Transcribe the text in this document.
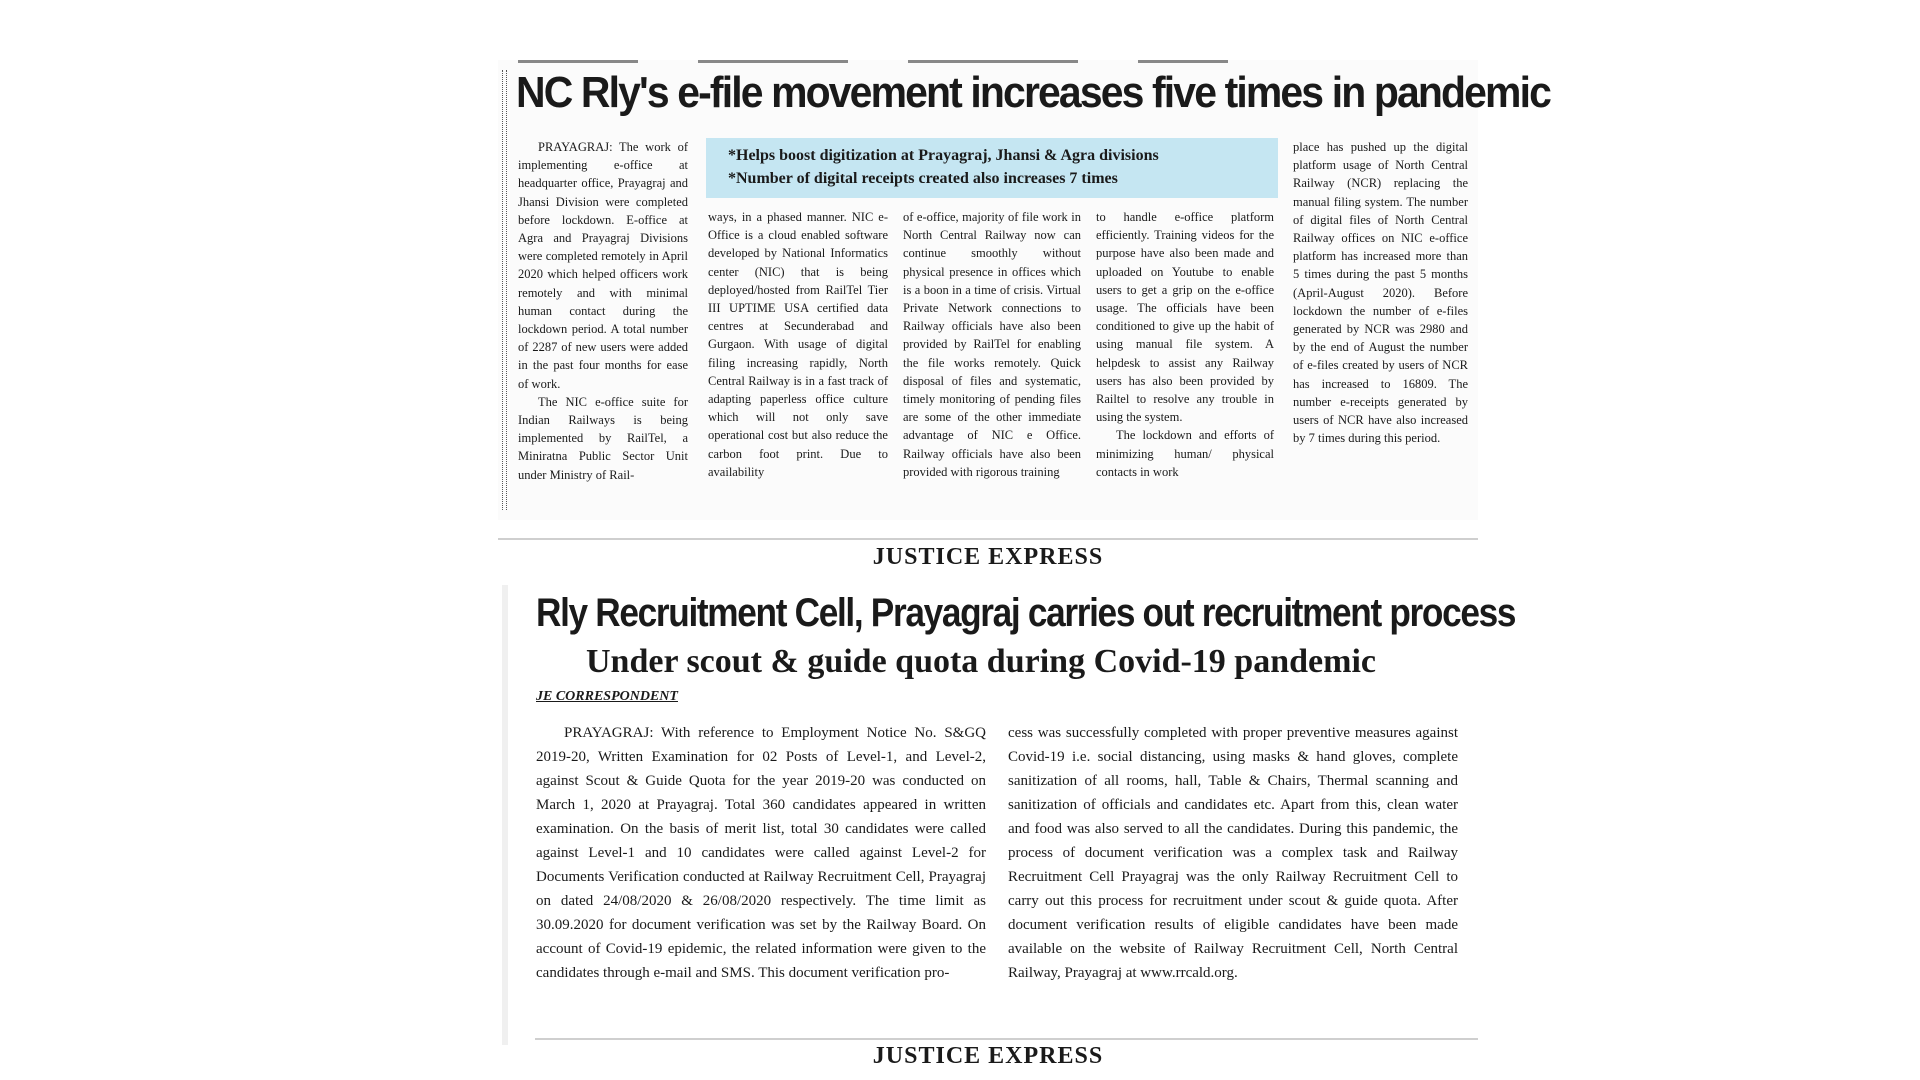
NC Rly's e-file movement increases five times in pandemic

PRAYAGRAJ: The work of implementing e-office at headquarter office, Prayagraj and Jhansi Division were completed before lockdown. E-office at Agra and Prayagraj Divisions were completed remotely in April 2020 which helped officers work remotely and with minimal human contact during the lockdown period. A total number of 2287 of new users were added in the past four months for ease of work.

The NIC e-office suite for Indian Railways is being implemented by RailTel, a Miniratna Public Sector Unit under Ministry of Rail-

*Helps boost digitization at Prayagraj, Jhansi & Agra divisions
*Number of digital receipts created also increases 7 times
ways, in a phased manner. NIC e-Office is a cloud enabled software developed by National Informatics center (NIC) that is being deployed/hosted from RailTel Tier III UPTIME USA certified data centres at Secunderabad and Gurgaon. With usage of digital filing increasing rapidly, North Central Railway is in a fast track of adapting paperless office culture which will not only save operational cost but also reduce the carbon foot print. Due to availability
of e-office, majority of file work in North Central Railway now can continue smoothly without physical presence in offices which is a boon in a time of crisis. Virtual Private Network connections to Railway officials have also been provided by RailTel for enabling the file works remotely. Quick disposal of files and systematic, timely monitoring of pending files are some of the other immediate advantage of NIC e Office. Railway officials have also been provided with rigorous training
to handle e-office platform efficiently. Training videos for the purpose have also been made and uploaded on Youtube to enable users to get a grip on the e-office usage. The officials have been conditioned to give up the habit of using manual file system. A helpdesk to assist any Railway users has also been provided by Railtel to resolve any trouble in using the system.

The lockdown and efforts of minimizing human/ physical contacts in work

place has pushed up the digital platform usage of North Central Railway (NCR) replacing the manual filing system. The number of digital files of North Central Railway offices on NIC e-office platform has increased more than 5 times during the past 5 months (April-August 2020). Before lockdown the number of e-files generated by NCR was 2980 and by the end of August the number of e-files created by users of NCR has increased to 16809. The number e-receipts generated by users of NCR have also increased by 7 times during this period.
JUSTICE EXPRESS
Rly Recruitment Cell, Prayagraj carries out recruitment process
Under scout & guide quota during Covid-19 pandemic
JE CORRESPONDENT

PRAYAGRAJ: With reference to Employment Notice No. S&GQ 2019-20, Written Examination for 02 Posts of Level-1, and Level-2, against Scout & Guide Quota for the year 2019-20 was conducted on March 1, 2020 at Prayagraj. Total 360 candidates appeared in written examination. On the basis of merit list, total 30 candidates were called against Level-1 and 10 candidates were called against Level-2 for Documents Verification conducted at Railway Recruitment Cell, Prayagraj on dated 24/08/2020 & 26/08/2020 respectively. The time limit as 30.09.2020 for document verification was set by the Railway Board. On account of Covid-19 epidemic, the related information were given to the candidates through e-mail and SMS. This document verification pro-

cess was successfully completed with proper preventive measures against Covid-19 i.e. social distancing, using masks & hand gloves, complete sanitization of all rooms, hall, Table & Chairs, Thermal scanning and sanitization of officials and candidates etc. Apart from this, clean water and food was also served to all the candidates. During this pandemic, the process of document verification was a complex task and Railway Recruitment Cell Prayagraj was the only Railway Recruitment Cell to carry out this process for recruitment under scout & guide quota. After document verification results of eligible candidates have been made available on the website of Railway Recruitment Cell, North Central Railway, Prayagraj at www.rrcald.org.

JUSTICE EXPRESS
